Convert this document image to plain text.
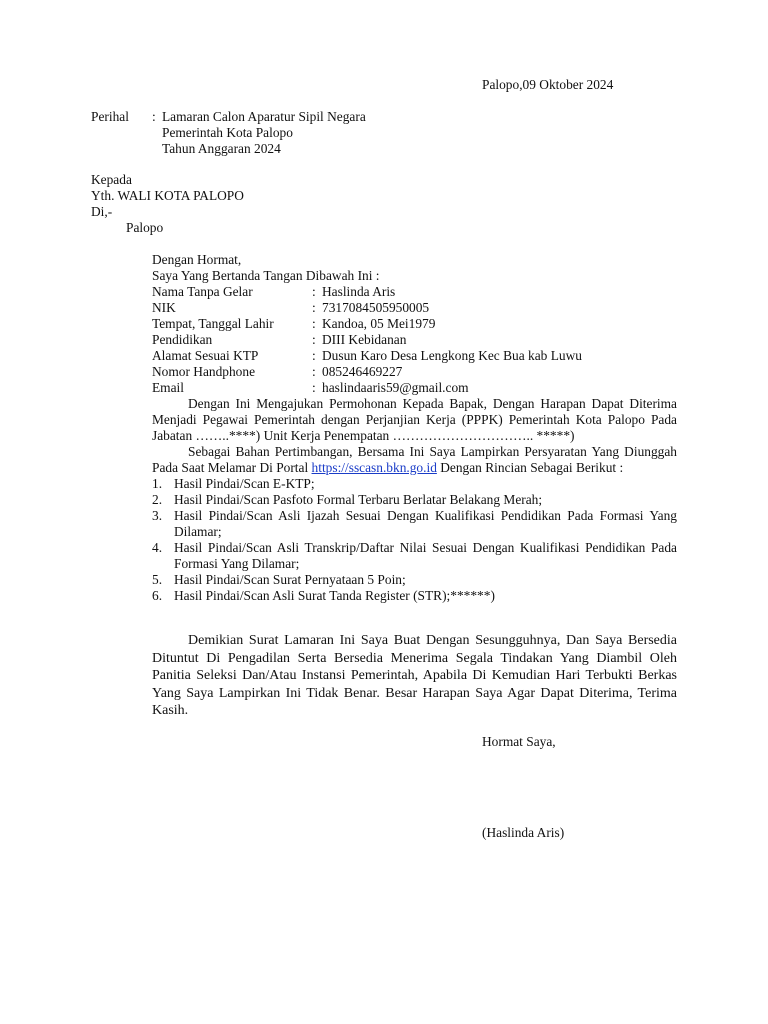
Palopo,09 Oktober 2024
Perihal : Lamaran Calon Aparatur Sipil Negara
Pemerintah Kota Palopo
Tahun Anggaran 2024
Kepada
Yth. WALI KOTA PALOPO
Di,-
Palopo
Dengan Hormat,
Saya Yang Bertanda Tangan Dibawah Ini :
Nama Tanpa Gelar	: Haslinda Aris
NIK	: 7317084505950005
Tempat, Tanggal Lahir	: Kandoa, 05 Mei1979
Pendidikan	: DIII Kebidanan
Alamat Sesuai KTP	: Dusun Karo Desa Lengkong Kec Bua kab Luwu
Nomor Handphone	: 085246469227
Email	: haslindaaris59@gmail.com
Dengan Ini Mengajukan Permohonan Kepada Bapak, Dengan Harapan Dapat Diterima Menjadi Pegawai Pemerintah dengan Perjanjian Kerja (PPPK) Pemerintah Kota Palopo Pada Jabatan ……..****) Unit Kerja Penempatan ………………………….. *****)
Sebagai Bahan Pertimbangan, Bersama Ini Saya Lampirkan Persyaratan Yang Diunggah Pada Saat Melamar Di Portal https://sscasn.bkn.go.id Dengan Rincian Sebagai Berikut :
1. Hasil Pindai/Scan E-KTP;
2. Hasil Pindai/Scan Pasfoto Formal Terbaru Berlatar Belakang Merah;
3. Hasil Pindai/Scan Asli Ijazah Sesuai Dengan Kualifikasi Pendidikan Pada Formasi Yang Dilamar;
4. Hasil Pindai/Scan Asli Transkrip/Daftar Nilai Sesuai Dengan Kualifikasi Pendidikan Pada Formasi Yang Dilamar;
5. Hasil Pindai/Scan Surat Pernyataan 5 Poin;
6. Hasil Pindai/Scan Asli Surat Tanda Register (STR);******)
Demikian Surat Lamaran Ini Saya Buat Dengan Sesungguhnya, Dan Saya Bersedia Dituntut Di Pengadilan Serta Bersedia Menerima Segala Tindakan Yang Diambil Oleh Panitia Seleksi Dan/Atau Instansi Pemerintah, Apabila Di Kemudian Hari Terbukti Berkas Yang Saya Lampirkan Ini Tidak Benar. Besar Harapan Saya Agar Dapat Diterima, Terima Kasih.
Hormat Saya,
(Haslinda Aris)
